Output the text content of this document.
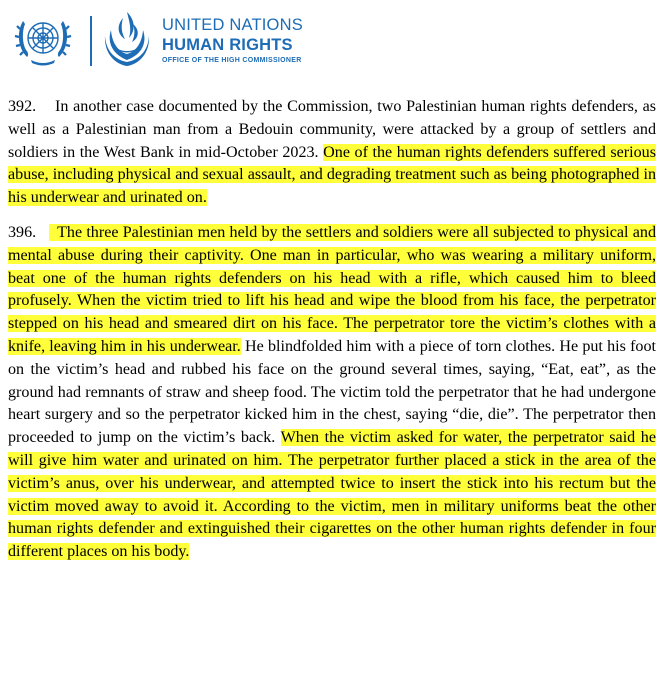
UNITED NATIONS
HUMAN RIGHTS
OFFICE OF THE HIGH COMMISSIONER

392. In another case documented by the Commission, two Palestinian human rights defenders, as well as a Palestinian man from a Bedouin community, were attacked by a group of settlers and soldiers in the West Bank in mid-October 2023. One of the human rights defenders suffered serious abuse, including physical and sexual assault, and degrading treatment such as being photographed in his underwear and urinated on.

396. The three Palestinian men held by the settlers and soldiers were all subjected to physical and mental abuse during their captivity. One man in particular, who was wearing a military uniform, beat one of the human rights defenders on his head with a rifle, which caused him to bleed profusely. When the victim tried to lift his head and wipe the blood from his face, the perpetrator stepped on his head and smeared dirt on his face. The perpetrator tore the victim’s clothes with a knife, leaving him in his underwear. He blindfolded him with a piece of torn clothes. He put his foot on the victim’s head and rubbed his face on the ground several times, saying, “Eat, eat”, as the ground had remnants of straw and sheep food. The victim told the perpetrator that he had undergone heart surgery and so the perpetrator kicked him in the chest, saying “die, die”. The perpetrator then proceeded to jump on the victim’s back. When the victim asked for water, the perpetrator said he will give him water and urinated on him. The perpetrator further placed a stick in the area of the victim’s anus, over his underwear, and attempted twice to insert the stick into his rectum but the victim moved away to avoid it. According to the victim, men in military uniforms beat the other human rights defender and extinguished their cigarettes on the other human rights defender in four different places on his body.
